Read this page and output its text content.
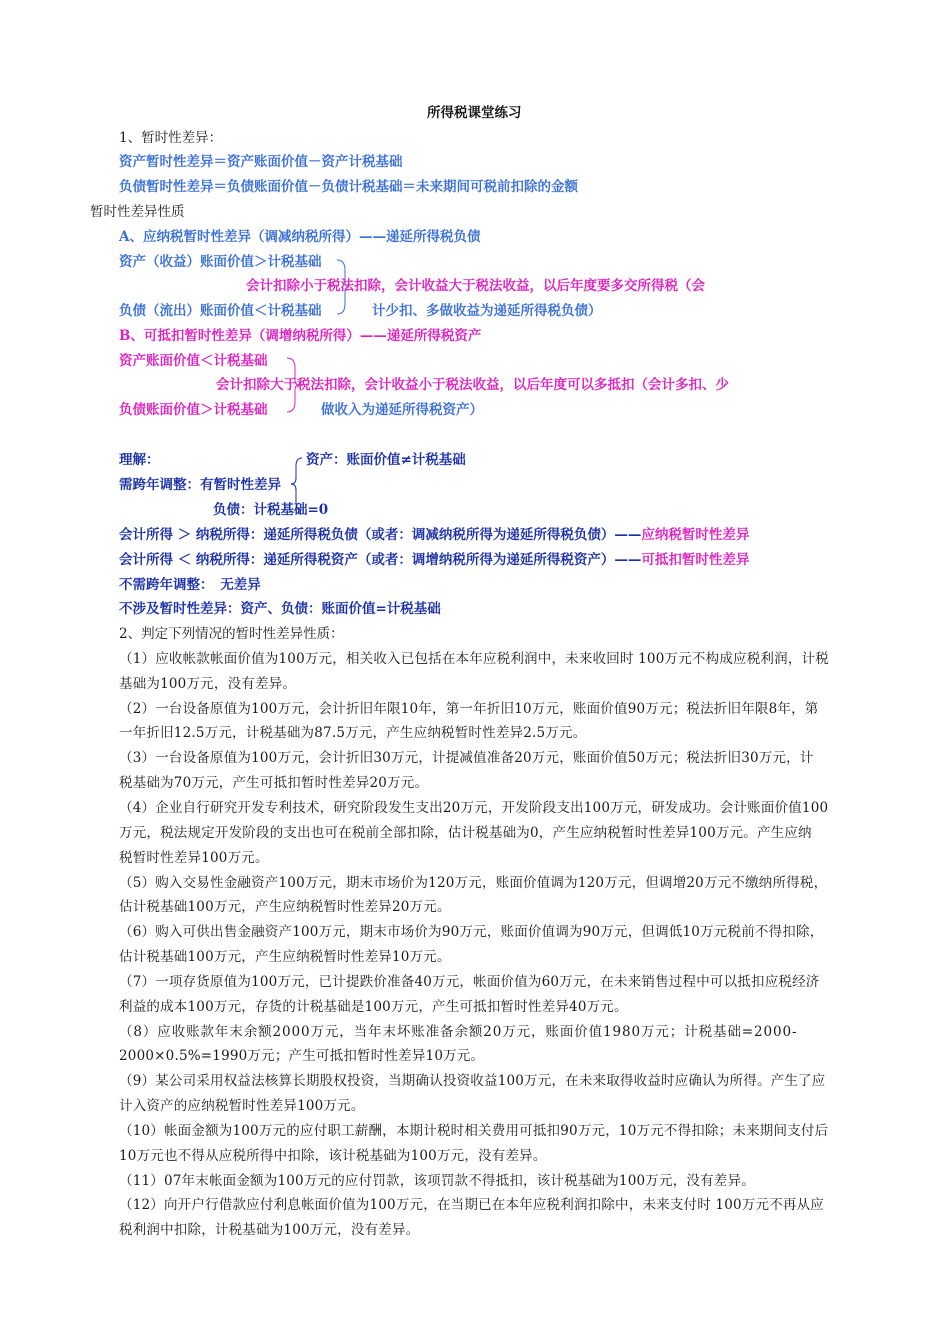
所得税课堂练习
1、暂时性差异：
资产暂时性差异＝资产账面价值－资产计税基础
负债暂时性差异＝负债账面价值－负债计税基础＝未来期间可税前扣除的金额
暂时性差异性质
A、应纳税暂时性差异（调减纳税所得）——递延所得税负债
资产（收益）账面价值＞计税基础
会计扣除小于税法扣除，会计收益大于税法收益，以后年度要多交所得税（会
负债（流出）账面价值＜计税基础	计少扣、多做收益为递延所得税负债）
B、可抵扣暂时性差异（调增纳税所得）——递延所得税资产
资产账面价值＜计税基础
会计扣除大于税法扣除，会计收益小于税法收益，以后年度可以多抵扣（会计多扣、少
负债账面价值＞计税基础	做收入为递延所得税资产）
理解：	资产：账面价值≠计税基础
需跨年调整：有暂时性差异
负债：计税基础=0
会计所得 ＞ 纳税所得：递延所得税负债（或者：调减纳税所得为递延所得税负债）——应纳税暂时性差异
会计所得 ＜ 纳税所得：递延所得税资产（或者：调增纳税所得为递延所得税资产）——可抵扣暂时性差异
不需跨年调整：　无差异
不涉及暂时性差异：资产、负债：账面价值=计税基础
2、判定下列情况的暂时性差异性质：
（1）应收帐款帐面价值为100万元，相关收入已包括在本年应税利润中，未来收回时 100万元不构成应税利润，计税
基础为100万元，没有差异。
（2）一台设备原值为100万元，会计折旧年限10年，第一年折旧10万元，账面价值90万元；税法折旧年限8年，第
一年折旧12.5万元，计税基础为87.5万元，产生应纳税暂时性差异2.5万元。
（3）一台设备原值为100万元，会计折旧30万元，计提减值准备20万元，账面价值50万元；税法折旧30万元，计
税基础为70万元，产生可抵扣暂时性差异20万元。
（4）企业自行研究开发专利技术，研究阶段发生支出20万元，开发阶段支出100万元，研发成功。会计账面价值100
万元，税法规定开发阶段的支出也可在税前全部扣除，估计税基础为0，产生应纳税暂时性差异100万元。产生应纳
税暂时性差异100万元。
（5）购入交易性金融资产100万元，期末市场价为120万元，账面价值调为120万元，但调增20万元不缴纳所得税，
估计税基础100万元，产生应纳税暂时性差异20万元。
（6）购入可供出售金融资产100万元，期末市场价为90万元，账面价值调为90万元，但调低10万元税前不得扣除，
估计税基础100万元，产生应纳税暂时性差异10万元。
（7）一项存货原值为100万元，已计提跌价准备40万元，帐面价值为60万元，在未来销售过程中可以抵扣应税经济
利益的成本100万元，存货的计税基础是100万元，产生可抵扣暂时性差异40万元。
（8）应收账款年末余额2000万元，当年末坏账准备余额20万元，账面价值1980万元；计税基础=2000-
2000×0.5%=1990万元；产生可抵扣暂时性差异10万元。
（9）某公司采用权益法核算长期股权投资，当期确认投资收益100万元，在未来取得收益时应确认为所得。产生了应
计入资产的应纳税暂时性差异100万元。
（10）帐面金额为100万元的应付职工薪酬，本期计税时相关费用可抵扣90万元，10万元不得扣除；未来期间支付后
10万元也不得从应税所得中扣除，该计税基础为100万元，没有差异。
（11）07年末帐面金额为100万元的应付罚款，该项罚款不得抵扣，该计税基础为100万元，没有差异。
（12）向开户行借款应付利息帐面价值为100万元，在当期已在本年应税利润扣除中，未来支付时 100万元不再从应
税利润中扣除，计税基础为100万元，没有差异。
